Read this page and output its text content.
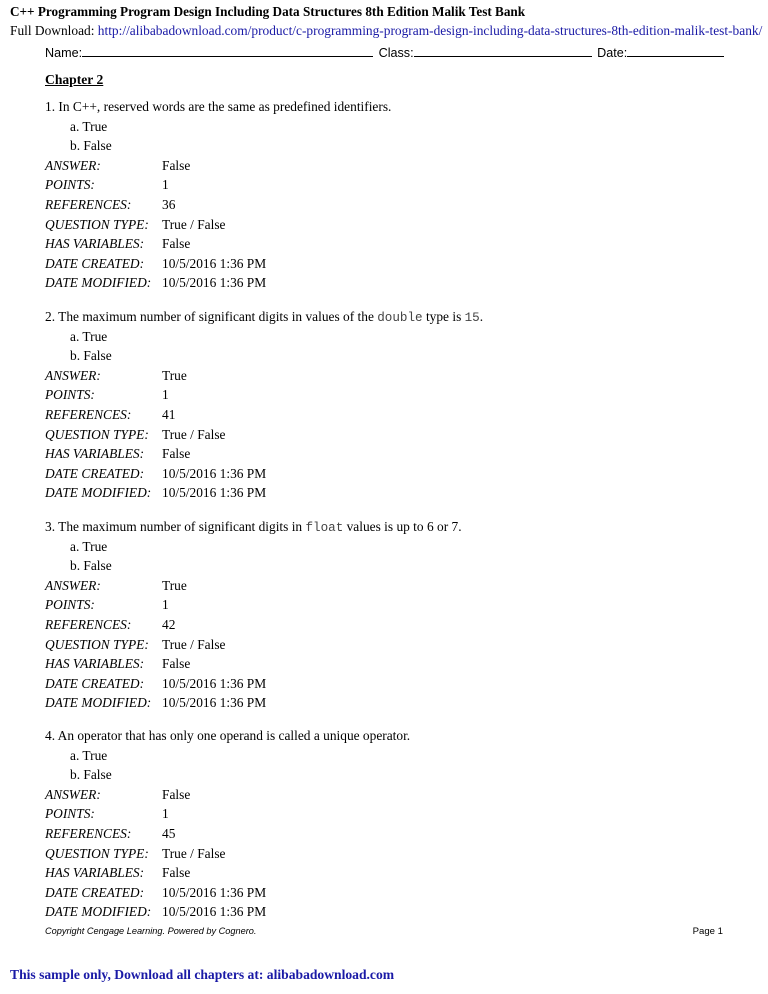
C++ Programming Program Design Including Data Structures 8th Edition Malik Test Bank
Full Download: http://alibabadownload.com/product/c-programming-program-design-including-data-structures-8th-edition-malik-test-bank/
Name:	Class:	Date:
Chapter 2
1. In C++, reserved words are the same as predefined identifiers.
a. True
b. False
ANSWER:	False
POINTS:	1
REFERENCES: 36
QUESTION TYPE: True / False
HAS VARIABLES: False
DATE CREATED: 10/5/2016 1:36 PM
DATE MODIFIED: 10/5/2016 1:36 PM
2. The maximum number of significant digits in values of the double type is 15.
a. True
b. False
ANSWER:	True
POINTS:	1
REFERENCES: 41
QUESTION TYPE: True / False
HAS VARIABLES: False
DATE CREATED: 10/5/2016 1:36 PM
DATE MODIFIED: 10/5/2016 1:36 PM
3. The maximum number of significant digits in float values is up to 6 or 7.
a. True
b. False
ANSWER:	True
POINTS:	1
REFERENCES: 42
QUESTION TYPE: True / False
HAS VARIABLES: False
DATE CREATED: 10/5/2016 1:36 PM
DATE MODIFIED: 10/5/2016 1:36 PM
4. An operator that has only one operand is called a unique operator.
a. True
b. False
ANSWER:	False
POINTS:	1
REFERENCES: 45
QUESTION TYPE: True / False
HAS VARIABLES: False
DATE CREATED: 10/5/2016 1:36 PM
DATE MODIFIED: 10/5/2016 1:36 PM
Copyright Cengage Learning. Powered by Cognero.	Page 1
This sample only, Download all chapters at: alibabadownload.com
